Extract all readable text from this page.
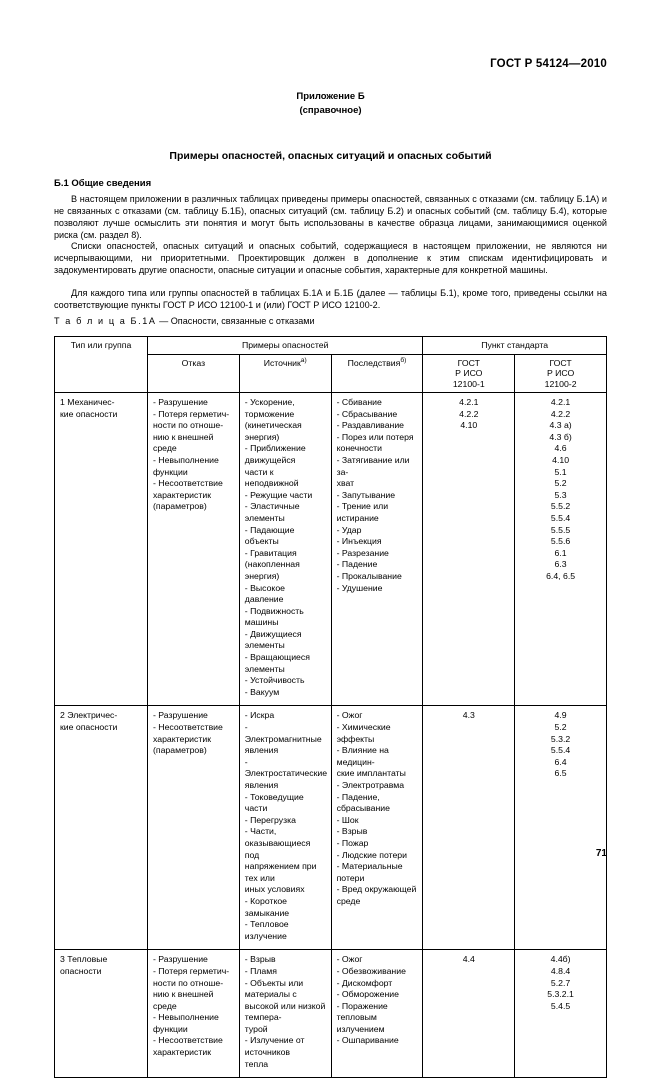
ГОСТ Р 54124—2010
Приложение Б
(справочное)
Примеры опасностей, опасных ситуаций и опасных событий
Б.1 Общие сведения
В настоящем приложении в различных таблицах приведены примеры опасностей, связанных с отказами (см. таблицу Б.1А) и не связанных с отказами (см. таблицу Б.1Б), опасных ситуаций (см. таблицу Б.2) и опасных событий (см. таблицу Б.4), которые позволяют лучше осмыслить эти понятия и могут быть использованы в качестве образца лицами, занимающимися оценкой риска (см. раздел 8).
Списки опасностей, опасных ситуаций и опасных событий, содержащиеся в настоящем приложении, не являются ни исчерпывающими, ни приоритетными. Проектировщик должен в дополнение к этим спискам идентифицировать и задокументировать другие опасности, опасные ситуации и опасные события, характерные для конкретной машины.
Для каждого типа или группы опасностей в таблицах Б.1А и Б.1Б (далее — таблицы Б.1), кроме того, приведены ссылки на соответствующие пункты ГОСТ Р ИСО 12100-1 и (или) ГОСТ Р ИСО 12100-2.
Т а б л и ц а Б.1А — Опасности, связанные с отказами
Тип или группа	Примеры опасностей			Пункт стандарта	
Отказ	Источник$^{а)}$	Последствия$^{б)}$	ГОСТ
Р ИСО
12100-1

ГОСТ
Р ИСО
12100-2

1 Механичес-
кие опасности

- Разрушение
- Потеря герметич-
ности по отноше-
нию к внешней
среде
- Невыполнение
функции
- Несоответствие
характеристик
(параметров)

- Ускорение, торможение
(кинетическая энергия)
- Приближение движущейся
части к неподвижной
- Режущие части
- Эластичные элементы
- Падающие объекты
- Гравитация (накопленная
энергия)
- Высокое давление
- Подвижность машины
- Движущиеся элементы
- Вращающиеся элементы
- Устойчивость
- Вакуум

- Сбивание
- Сбрасывание
- Раздавливание
- Порез или потеря
конечности
- Затягивание или за-
хват
- Запутывание
- Трение или истирание
- Удар
- Инъекция
- Разрезание
- Падение
- Прокалывание
- Удушение

4.2.1
4.2.2
4.10

4.2.1
4.2.2
4.3 а)
4.3 б)
4.6
4.10
5.1
5.2
5.3
5.5.2
5.5.4
5.5.5
5.5.6
6.1
6.3
6.4, 6.5

2 Электричес-
кие опасности

- Разрушение
- Несоответствие
характеристик
(параметров)

- Искра
- Электромагнитные явления
- Электростатические явления
- Токоведущие части
- Перегрузка
- Части, оказывающиеся под
напряжением при тех или
иных условиях
- Короткое замыкание
- Тепловое излучение

- Ожог
- Химические эффекты
- Влияние на медицин-
ские имплантаты
- Электротравма
- Падение, сбрасывание
- Шок
- Взрыв
- Пожар
- Людские потери
- Материальные потери
- Вред окружающей
среде

4.3	4.9
5.2
5.3.2
5.5.4
6.4
6.5

3 Тепловые
опасности

- Разрушение
- Потеря герметич-
ности по отноше-
нию к внешней
среде
- Невыполнение
функции
- Несоответствие
характеристик

- Взрыв
- Пламя
- Объекты или материалы с
высокой или низкой темпера-
турой
- Излучение от источников
тепла

- Ожог
- Обезвоживание
- Дискомфорт
- Обморожение
- Поражение тепловым
излучением
- Ошпаривание

4.4	4.4б)
4.8.4
5.2.7
5.3.2.1
5.4.5
71
